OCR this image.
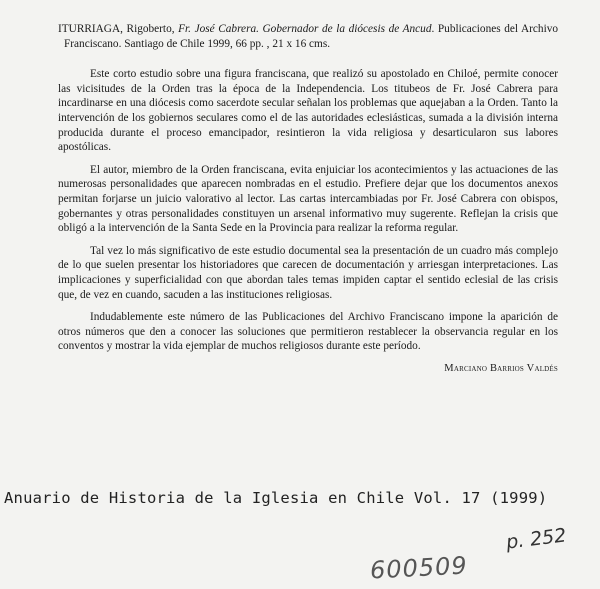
ITURRIAGA, Rigoberto, Fr. José Cabrera. Gobernador de la diócesis de Ancud. Publicaciones del Archivo Franciscano. Santiago de Chile 1999, 66 pp. , 21 x 16 cms.

Este corto estudio sobre una figura franciscana, que realizó su apostolado en Chiloé, permite conocer las vicisitudes de la Orden tras la época de la Independencia. Los titubeos de Fr. José Cabrera para incardinarse en una diócesis como sacerdote secular señalan los problemas que aquejaban a la Orden. Tanto la intervención de los gobiernos seculares como el de las autoridades eclesiásticas, sumada a la división interna producida durante el proceso emancipador, resintieron la vida religiosa y desarticularon sus labores apostólicas.

El autor, miembro de la Orden franciscana, evita enjuiciar los acontecimientos y las actuaciones de las numerosas personalidades que aparecen nombradas en el estudio. Prefiere dejar que los documentos anexos permitan forjarse un juicio valorativo al lector. Las cartas intercambiadas por Fr. José Cabrera con obispos, gobernantes y otras personalidades constituyen un arsenal informativo muy sugerente. Reflejan la crisis que obligó a la intervención de la Santa Sede en la Provincia para realizar la reforma regular.

Tal vez lo más significativo de este estudio documental sea la presentación de un cuadro más complejo de lo que suelen presentar los historiadores que carecen de documentación y arriesgan interpretaciones. Las implicaciones y superficialidad con que abordan tales temas impiden captar el sentido eclesial de las crisis que, de vez en cuando, sacuden a las instituciones religiosas.

Indudablemente este número de las Publicaciones del Archivo Franciscano impone la aparición de otros números que den a conocer las soluciones que permitieron restablecer la observancia regular en los conventos y mostrar la vida ejemplar de muchos religiosos durante este período.

Marciano Barrios Valdés
Anuario de Historia de la Iglesia en Chile Vol. 17 (1999)
p. 252
600509
